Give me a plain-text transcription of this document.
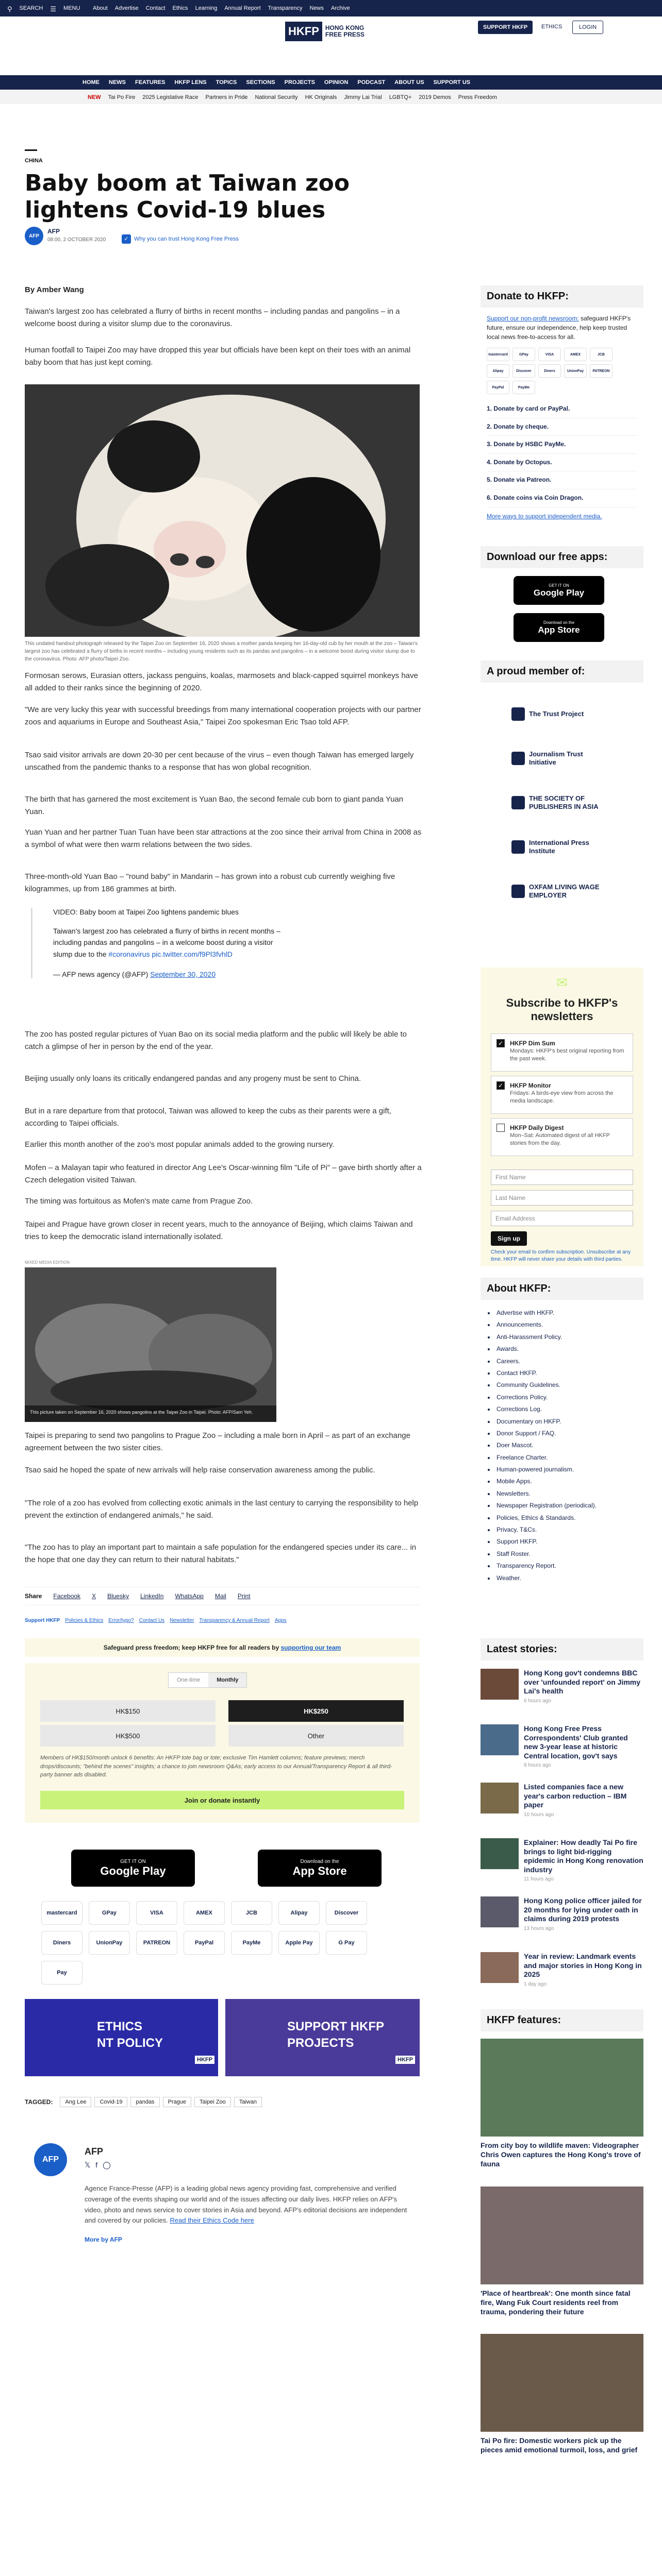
⚲ SEARCH ☰ MENU About Advertise Contact Ethics Learning Annual Report Transparency News Archive
HKFP	HONG KONG
FREE PRESS
SUPPORT HKFP	ETHICS	LOGIN
HOME NEWS FEATURES HKFP LENS TOPICS SECTIONS PROJECTS OPINION PODCAST ABOUT US SUPPORT US
NEW Tai Po Fire 2025 Legislative Race Partners in Pride National Security HK Originals Jimmy Lai Trial LGBTQ+ 2019 Demos Press Freedom
CHINA
Baby boom at Taiwan zoo lightens Covid-19 blues
AFP
AFP
08:00, 2 OCTOBER 2020	✓ Why you can trust Hong Kong Free Press
By Amber Wang

Taiwan's largest zoo has celebrated a flurry of births in recent months – including pandas and pangolins – in a welcome boost during a visitor slump due to the coronavirus.

Human footfall to Taipei Zoo may have dropped this year but officials have been kept on their toes with an animal baby boom that has just kept coming.

This undated handout photograph released by the Taipei Zoo on September 16, 2020 shows a mother panda keeping her 16-day-old cub by her mouth at the zoo – Taiwan's largest zoo has celebrated a flurry of births in recent months – including young residents such as its pandas and pangolins – in a welcome boost during visitor slump due to the coronavirus. Photo: AFP photo/Taipei Zoo.

Formosan serows, Eurasian otters, jackass penguins, koalas, marmosets and black-capped squirrel monkeys have all added to their ranks since the beginning of 2020.

"We are very lucky this year with successful breedings from many international cooperation projects with our partner zoos and aquariums in Europe and Southeast Asia," Taipei Zoo spokesman Eric Tsao told AFP.

Tsao said visitor arrivals are down 20-30 per cent because of the virus – even though Taiwan has emerged largely unscathed from the pandemic thanks to a response that has won global recognition.

The birth that has garnered the most excitement is Yuan Bao, the second female cub born to giant panda Yuan Yuan.

Yuan Yuan and her partner Tuan Tuan have been star attractions at the zoo since their arrival from China in 2008 as a symbol of what were then warm relations between the two sides.

Three-month-old Yuan Bao – "round baby" in Mandarin – has grown into a robust cub currently weighing five kilogrammes, up from 186 grammes at birth.

VIDEO: Baby boom at Taipei Zoo lightens pandemic blues
Taiwan's largest zoo has celebrated a flurry of births in recent months – including pandas and pangolins – in a welcome boost during a visitor slump due to the #coronavirus pic.twitter.com/f9Pl3fvhlD
— AFP news agency (@AFP) September 30, 2020

The zoo has posted regular pictures of Yuan Bao on its social media platform and the public will likely be able to catch a glimpse of her in person by the end of the year.

Beijing usually only loans its critically endangered pandas and any progeny must be sent to China.

But in a rare departure from that protocol, Taiwan was allowed to keep the cubs as their parents were a gift, according to Taipei officials.

Earlier this month another of the zoo's most popular animals added to the growing nursery.

Mofen – a Malayan tapir who featured in director Ang Lee's Oscar-winning film "Life of Pi" – gave birth shortly after a Czech delegation visited Taiwan.

The timing was fortuitous as Mofen's mate came from Prague Zoo.

Taipei and Prague have grown closer in recent years, much to the annoyance of Beijing, which claims Taiwan and tries to keep the democratic island internationally isolated.

MIXED MEDIA EDITION
This picture taken on September 16, 2020 shows pangolins at the Taipei Zoo in Taipei. Photo: AFP/Sam Yeh.

Taipei is preparing to send two pangolins to Prague Zoo – including a male born in April – as part of an exchange agreement between the two sister cities.

Tsao said he hoped the spate of new arrivals will help raise conservation awareness among the public.

"The role of a zoo has evolved from collecting exotic animals in the last century to carrying the responsibility to help prevent the extinction of endangered animals," he said.

"The zoo has to play an important part to maintain a safe population for the endangered species under its care... in the hope that one day they can return to their natural habitats."

Share Facebook X Bluesky LinkedIn WhatsApp Mail Print
Support HKFP Policies & Ethics Error/typo? Contact Us Newsletter Transparency & Annual Report Apps
Safeguard press freedom; keep HKFP free for all readers by
supporting our team
One-time	Monthly
HK$150	HK$250
HK$500	Other

Members of HK$150/month unlock 6 benefits: An HKFP tote bag or tote; exclusive Tim Hamlett columns; feature previews; merch drops/discounts; "behind the scenes" insights; a chance to join newsroom Q&As; early access to our Annual/Transparency Report & all third-party banner ads disabled.

Join or donate instantly
GET IT ON
Google Play
Download on the
App Store
mastercard	GPay	VISA	AMEX	JCB	Alipay	Discover
Diners	UnionPay	PATREON	PayPal	PayMe	Apple Pay	G Pay
Pay
ETHICS
NT POLICY
HKFP
SUPPORT HKFP
PROJECTS
HKFP
TAGGED:	Ang Lee	Covid-19	pandas	Prague	Taipei Zoo	Taiwan
AFP
AFP
𝕏 f ◯

Agence France-Presse (AFP) is a leading global news agency providing fast, comprehensive and verified coverage of the events shaping our world and of the issues affecting our daily lives. HKFP relies on AFP's video, photo and news service to cover stories in Asia and beyond. AFP's editorial decisions are independent and covered by our policies. Read their Ethics Code here

More by AFP
Donate to HKFP:

Support our non-profit newsroom: safeguard HKFP's future, ensure our independence, help keep trusted local news free-to-access for all.

mastercard	GPay	VISA	AMEX	JCB
Alipay	Discover	Diners	UnionPay	PATREON
PayPal	PayMe
1. Donate by card or PayPal.
2. Donate by cheque.
3. Donate by HSBC PayMe.
4. Donate by Octopus.
5. Donate via Patreon.
6. Donate coins via Coin Dragon.
More ways to support independent media.
Download our free apps:
GET IT ON
Google Play
Download on the
App Store
A proud member of:
The Trust Project
Journalism Trust Initiative
THE SOCIETY OF PUBLISHERS IN ASIA
International Press Institute
OXFAM LIVING WAGE EMPLOYER
✉
Subscribe to HKFP's newsletters
✓ HKFP Dim Sum
Mondays: HKFP's best original reporting from the past week.
✓ HKFP Monitor
Fridays: A birds-eye view from across the media landscape.
HKFP Daily Digest
Mon–Sat: Automated digest of all HKFP stories from the day.
First Name
Last Name
Email Address
Sign up

Check your email to confirm subscription. Unsubscribe at any time. HKFP will never share your details with third parties.

About HKFP:
• Advertise with HKFP.
• Announcements.
• Anti-Harassment Policy.
• Awards.
• Careers.
• Contact HKFP.
• Community Guidelines.
• Corrections Policy.
• Corrections Log.
• Documentary on HKFP.
• Donor Support / FAQ.
• Doer Mascot.
• Freelance Charter.
• Human-powered journalism.
• Mobile Apps.
• Newsletters.
• Newspaper Registration (periodical).
• Policies, Ethics & Standards.
• Privacy, T&Cs.
• Support HKFP.
• Staff Roster.
• Transparency Report.
• Weather.
Latest stories:
Hong Kong gov't condemns BBC over 'unfounded report' on Jimmy Lai's health
6 hours ago
Hong Kong Free Press Correspondents' Club granted new 3-year lease at historic Central location, gov't says
9 hours ago
Listed companies face a new year's carbon reduction – IBM paper
10 hours ago
Explainer: How deadly Tai Po fire brings to light bid-rigging epidemic in Hong Kong renovation industry
11 hours ago
Hong Kong police officer jailed for 20 months for lying under oath in claims during 2019 protests
13 hours ago
Year in review: Landmark events and major stories in Hong Kong in 2025
1 day ago
HKFP features:
From city boy to wildlife maven: Videographer Chris Owen captures the Hong Kong's trove of fauna
'Place of heartbreak': One month since fatal fire, Wang Fuk Court residents reel from trauma, pondering their future
Tai Po fire: Domestic workers pick up the pieces amid emotional turmoil, loss, and grief
